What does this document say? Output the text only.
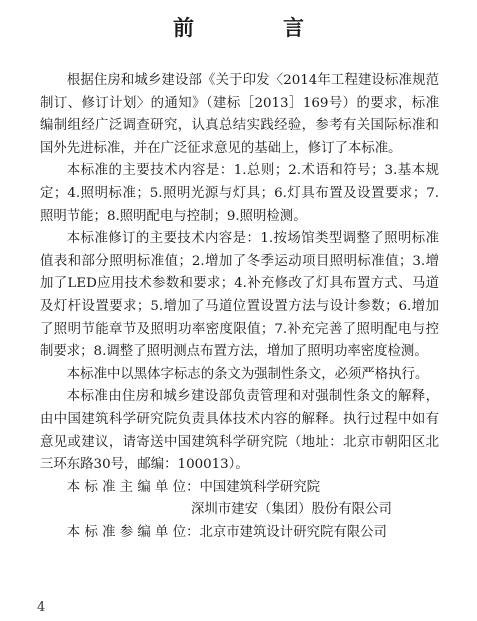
前　言

根据住房和城乡建设部《关于印发〈2014年工程建设标准规范制订、修订计划〉的通知》（建标［2013］169号）的要求，标准编制组经广泛调查研究，认真总结实践经验，参考有关国际标准和国外先进标准，并在广泛征求意见的基础上，修订了本标准。

本标准的主要技术内容是：1.总则；2.术语和符号；3.基本规定；4.照明标准；5.照明光源与灯具；6.灯具布置及设置要求；7.照明节能；8.照明配电与控制；9.照明检测。

本标准修订的主要技术内容是：1.按场馆类型调整了照明标准值表和部分照明标准值；2.增加了冬季运动项目照明标准值；3.增加了LED应用技术参数和要求；4.补充修改了灯具布置方式、马道及灯杆设置要求；5.增加了马道位置设置方法与设计参数；6.增加了照明节能章节及照明功率密度限值；7.补充完善了照明配电与控制要求；8.调整了照明测点布置方法，增加了照明功率密度检测。

本标准中以黑体字标志的条文为强制性条文，必须严格执行。

本标准由住房和城乡建设部负责管理和对强制性条文的解释，由中国建筑科学研究院负责具体技术内容的解释。执行过程中如有意见或建议，请寄送中国建筑科学研究院（地址：北京市朝阳区北三环东路30号，邮编：100013）。

本 标 准 主 编 单 位：中国建筑科学研究院

深圳市建安（集团）股份有限公司

本 标 准 参 编 单 位：北京市建筑设计研究院有限公司

4
